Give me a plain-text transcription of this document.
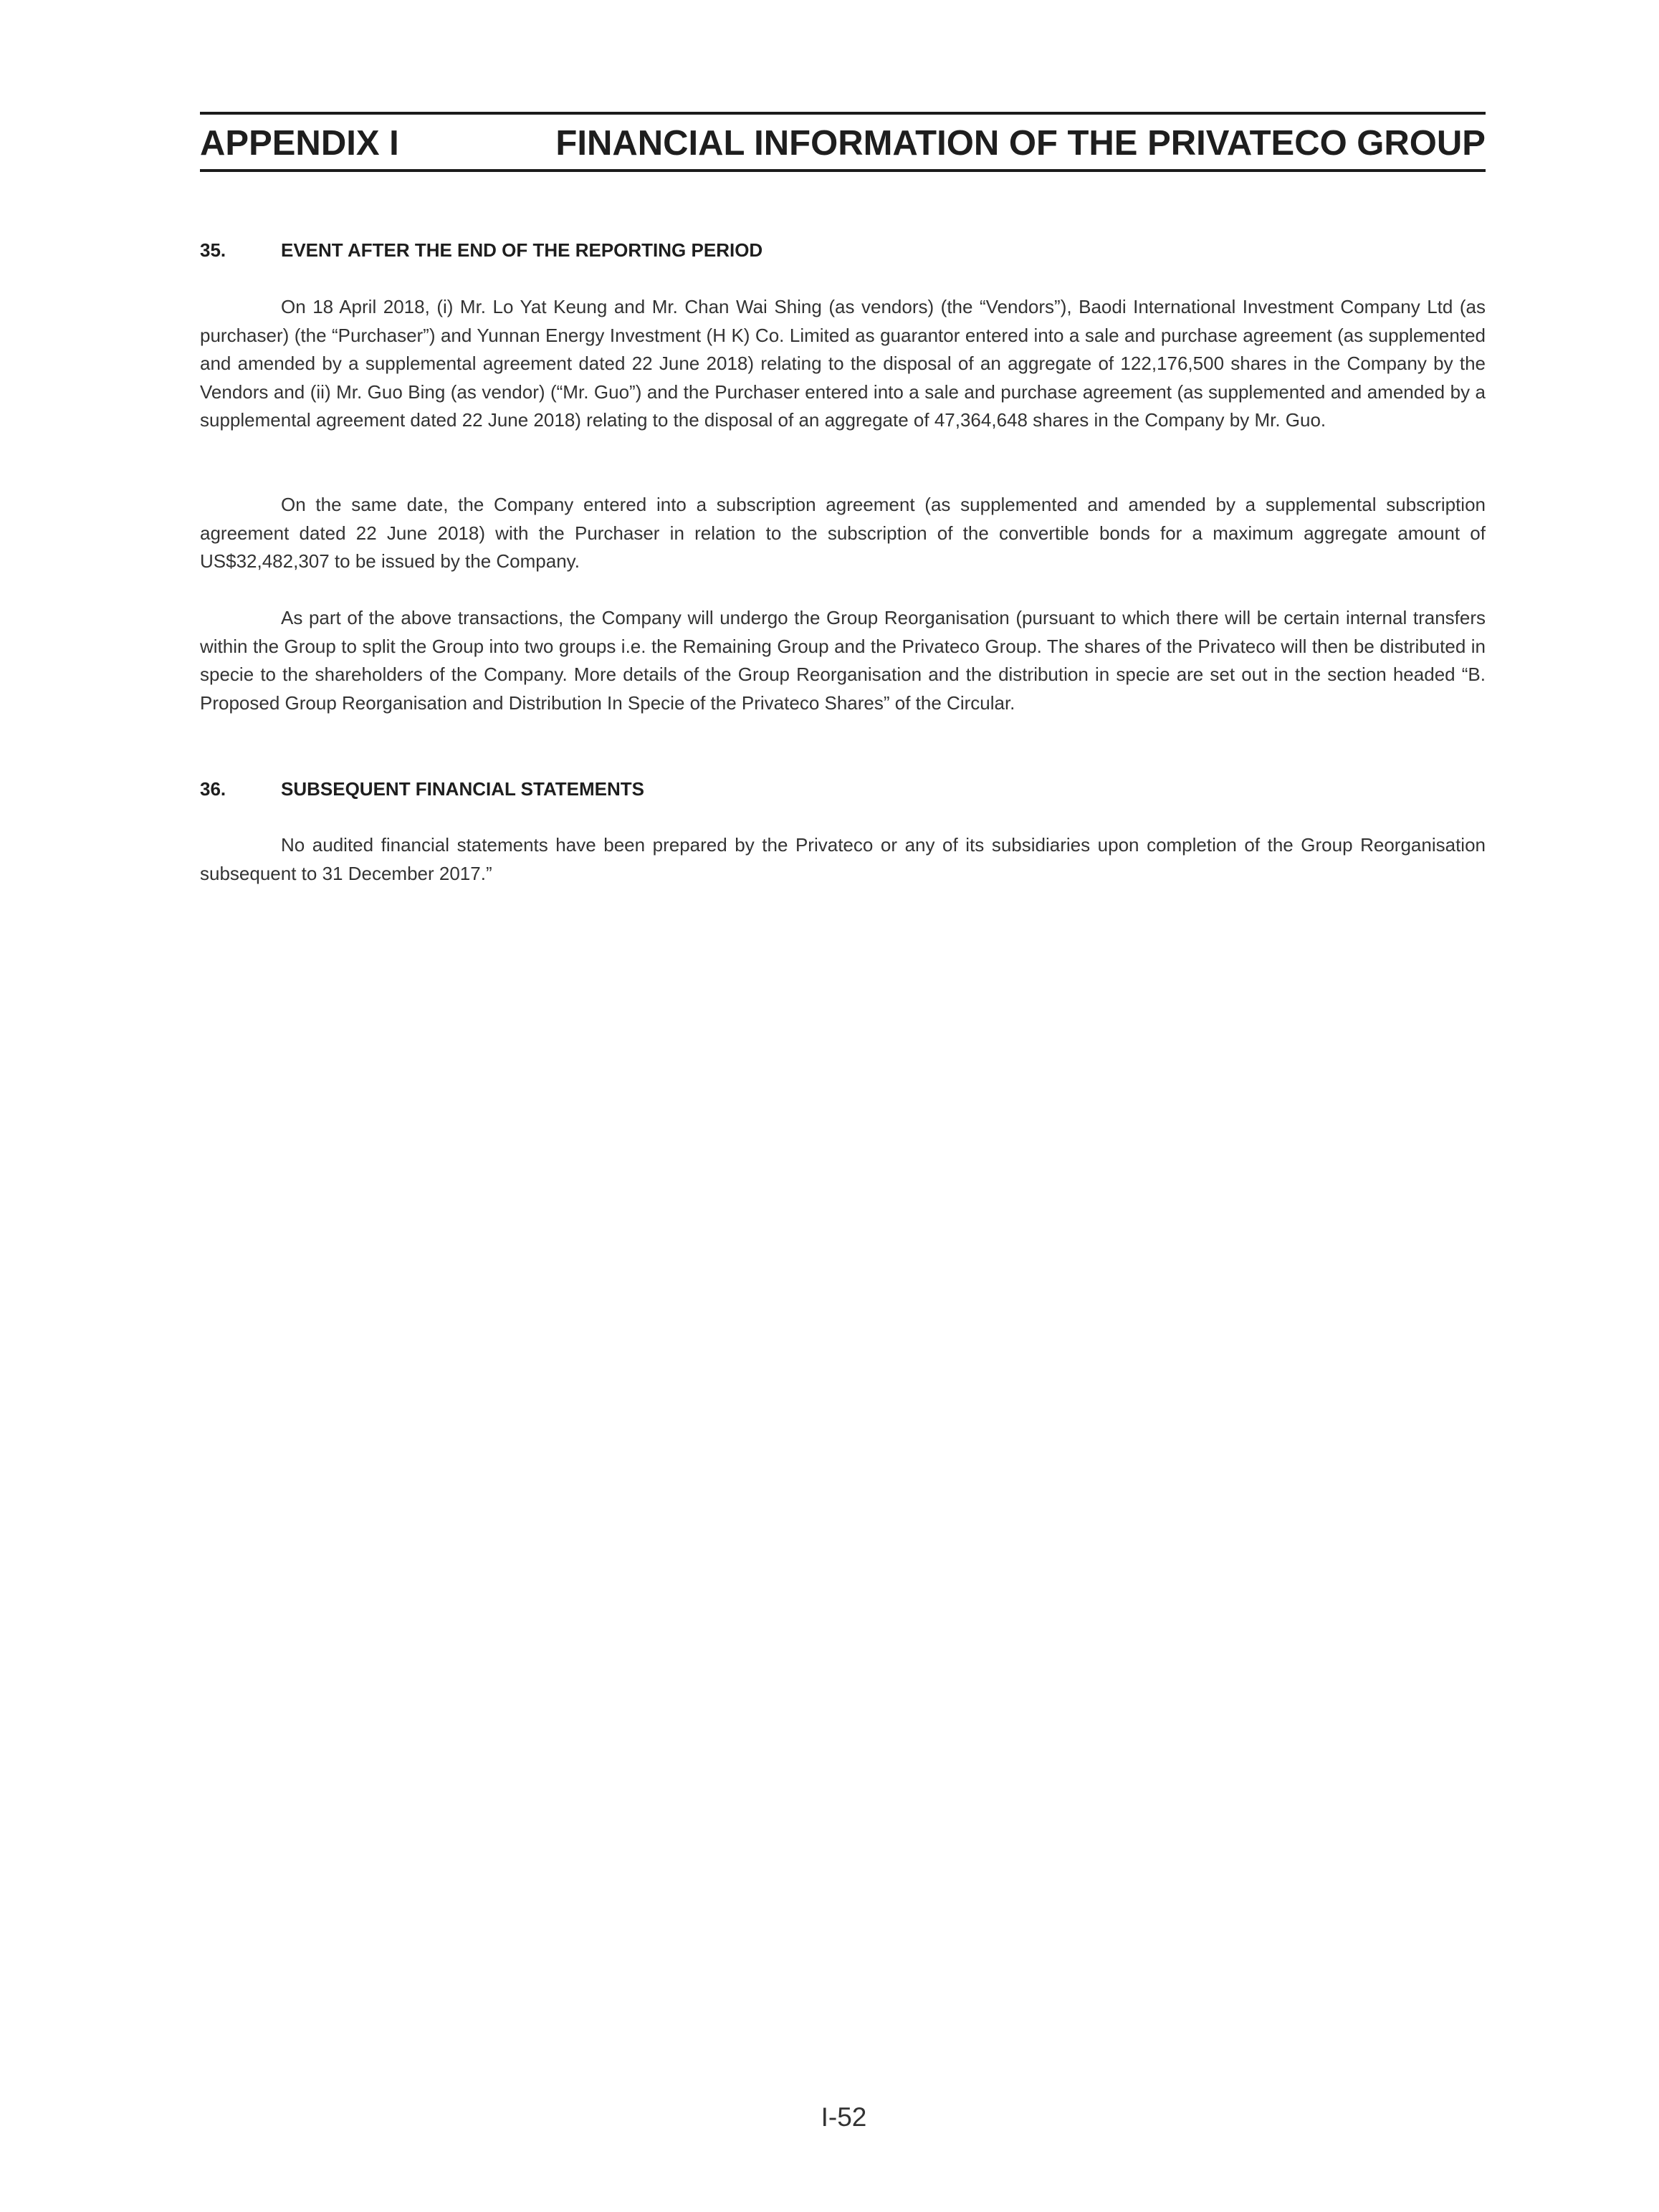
APPENDIX I	FINANCIAL INFORMATION OF THE PRIVATECO GROUP
35.	EVENT AFTER THE END OF THE REPORTING PERIOD

On 18 April 2018, (i) Mr. Lo Yat Keung and Mr. Chan Wai Shing (as vendors) (the “Vendors”), Baodi International Investment Company Ltd (as purchaser) (the “Purchaser”) and Yunnan Energy Investment (H K) Co. Limited as guarantor entered into a sale and purchase agreement (as supplemented and amended by a supplemental agreement dated 22 June 2018) relating to the disposal of an aggregate of 122,176,500 shares in the Company by the Vendors and (ii) Mr. Guo Bing (as vendor) (“Mr. Guo”) and the Purchaser entered into a sale and purchase agreement (as supplemented and amended by a supplemental agreement dated 22 June 2018) relating to the disposal of an aggregate of 47,364,648 shares in the Company by Mr. Guo.

On the same date, the Company entered into a subscription agreement (as supplemented and amended by a supplemental subscription agreement dated 22 June 2018) with the Purchaser in relation to the subscription of the convertible bonds for a maximum aggregate amount of US$32,482,307 to be issued by the Company.

As part of the above transactions, the Company will undergo the Group Reorganisation (pursuant to which there will be certain internal transfers within the Group to split the Group into two groups i.e. the Remaining Group and the Privateco Group. The shares of the Privateco will then be distributed in specie to the shareholders of the Company. More details of the Group Reorganisation and the distribution in specie are set out in the section headed “B. Proposed Group Reorganisation and Distribution In Specie of the Privateco Shares” of the Circular.

36.	SUBSEQUENT FINANCIAL STATEMENTS

No audited financial statements have been prepared by the Privateco or any of its subsidiaries upon completion of the Group Reorganisation subsequent to 31 December 2017.”

I-52
